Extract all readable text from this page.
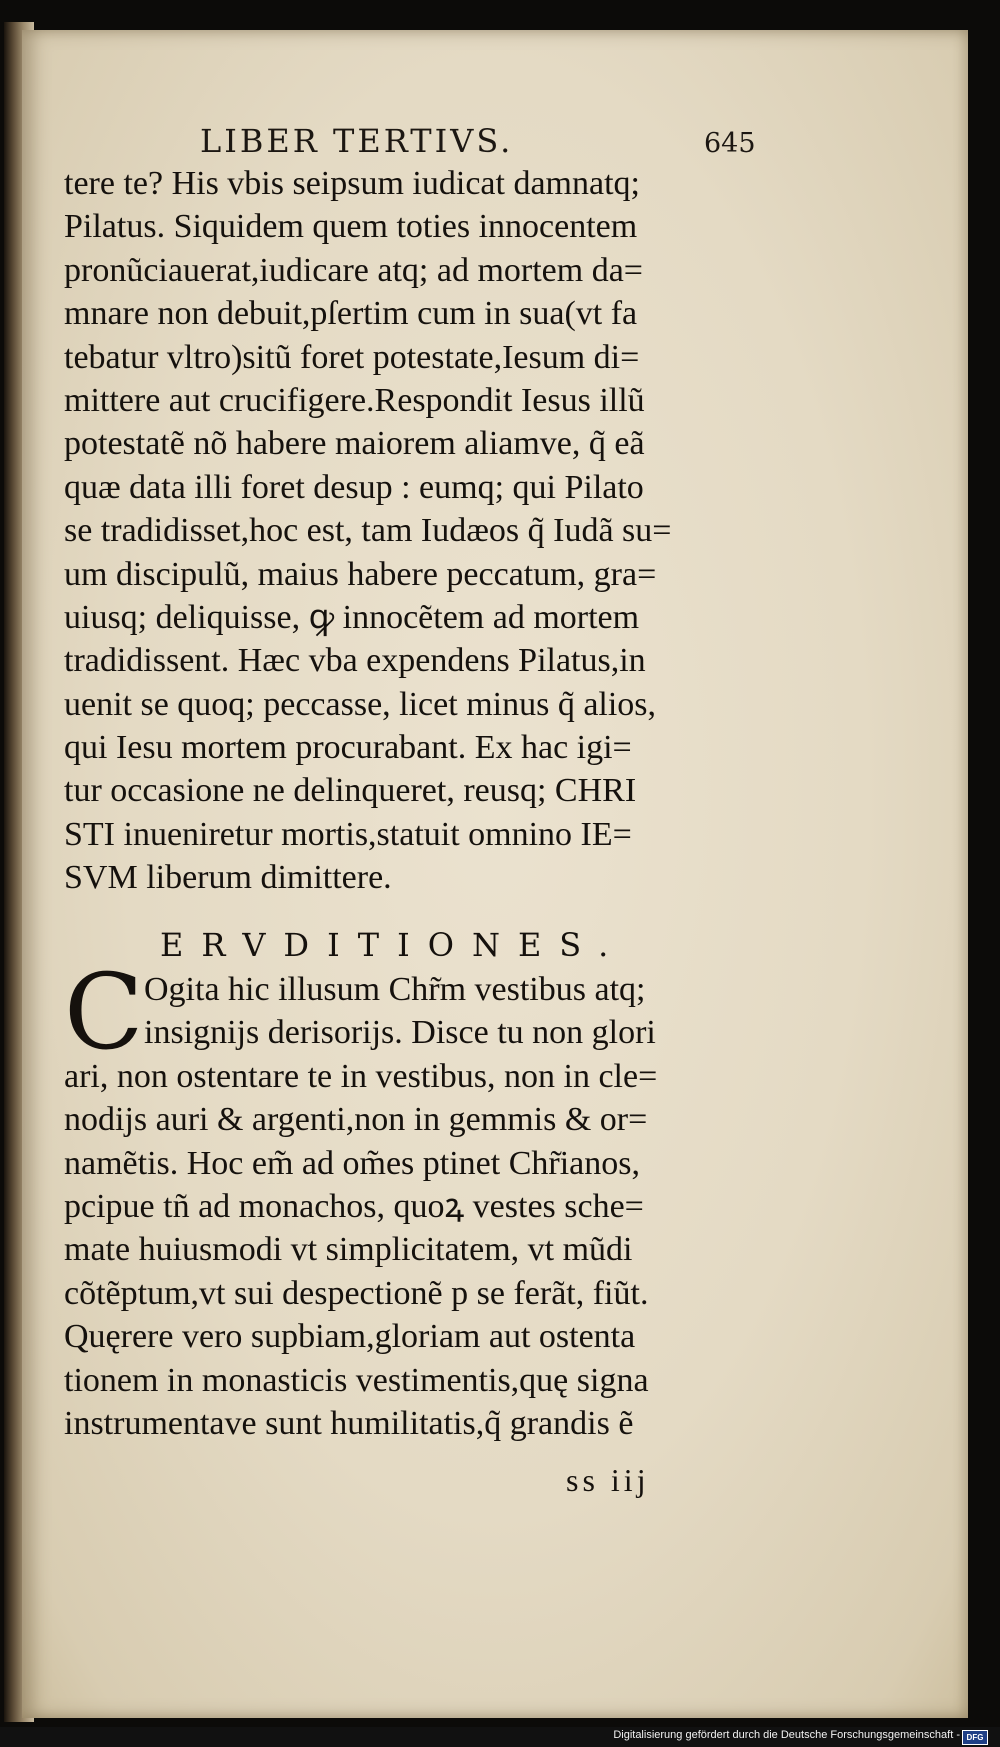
LIBER TERTIVS.	645
tere te? His vbis seipsum iudicat damnatq;
Pilatus. Siquidem quem toties innocentem
pronũciauerat,iudicare atq; ad mortem da=
mnare non debuit,pſertim cum in sua(vt fa
tebatur vltro)sitũ foret potestate,Iesum di=
mittere aut crucifigere.Respondit Iesus illũ
potestatẽ nõ habere maiorem aliamve, q̃ eã
quæ data illi foret desup : eumq; qui Pilato
se tradidisset,hoc est, tam Iudæos q̃ Iudã su=
um discipulũ, maius habere peccatum, gra=
uiusq; deliquisse, ꝙ innocẽtem ad mortem
tradidissent. Hæc vba expendens Pilatus,in
uenit se quoq; peccasse, licet minus q̃ alios,
qui Iesu mortem procurabant. Ex hac igi=
tur occasione ne delinqueret, reusq; CHRI
STI inueniretur mortis,statuit omnino IE=
SVM liberum dimittere.
ERVDITIONES.
C Ogita hic illusum Chr̃m vestibus atq;
insignijs derisorijs. Disce tu non glori
ari, non ostentare te in vestibus, non in cle=
nodijs auri & argenti,non in gemmis & or=
namẽtis. Hoc em̃ ad om̃es ptinet Chr̃ianos,
pcipue tñ ad monachos, quoꝝ vestes sche=
mate huiusmodi vt simplicitatem, vt mũdi
cõtẽptum,vt sui despectionẽ p se ferãt, fiũt.
Quęrere vero supbiam,gloriam aut ostenta
tionem in monasticis vestimentis,quę signa
instrumentave sunt humilitatis,q̃ grandis ẽ
ss iij
Digitalisierung gefördert durch die Deutsche Forschungsgemeinschaft - DFG
